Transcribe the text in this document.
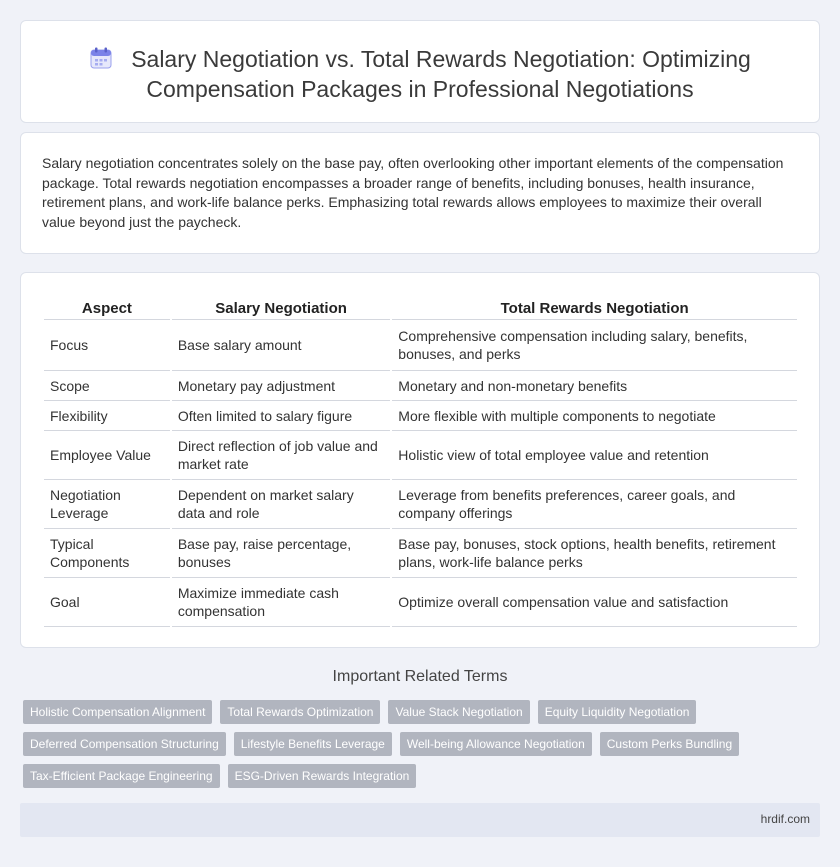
Salary Negotiation vs. Total Rewards Negotiation: Optimizing Compensation Packages in Professional Negotiations

Salary negotiation concentrates solely on the base pay, often overlooking other important elements of the compensation package. Total rewards negotiation encompasses a broader range of benefits, including bonuses, health insurance, retirement plans, and work-life balance perks. Emphasizing total rewards allows employees to maximize their overall value beyond just the paycheck.

Aspect	Salary Negotiation	Total Rewards Negotiation
Focus	Base salary amount	Comprehensive compensation including salary, benefits, bonuses, and perks
Scope	Monetary pay adjustment	Monetary and non-monetary benefits
Flexibility	Often limited to salary figure	More flexible with multiple components to negotiate
Employee Value	Direct reflection of job value and market rate	Holistic view of total employee value and retention
Negotiation Leverage	Dependent on market salary data and role	Leverage from benefits preferences, career goals, and company offerings
Typical Components	Base pay, raise percentage, bonuses	Base pay, bonuses, stock options, health benefits, retirement plans, work-life balance perks
Goal	Maximize immediate cash compensation	Optimize overall compensation value and satisfaction
Important Related Terms
Holistic Compensation Alignment	Total Rewards Optimization	Value Stack Negotiation	Equity Liquidity Negotiation
Deferred Compensation Structuring	Lifestyle Benefits Leverage	Well-being Allowance Negotiation	Custom Perks Bundling
Tax-Efficient Package Engineering	ESG-Driven Rewards Integration
hrdif.com
